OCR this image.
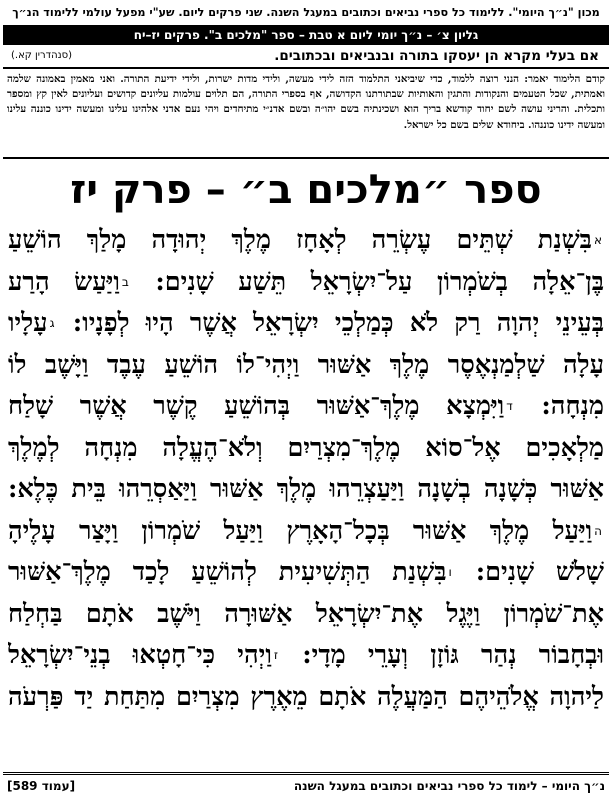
מכון "נ״ך היומי". ללימוד כל ספרי נביאים וכתובים במעגל השנה. שני פרקים ליום. שע"י מפעל עולמי ללימוד הנ״ך
גליון צ׳ – נ״ך יומי ליום א טבת – ספר "מלכים ב". פרקים יז–יח
אם בעלי מקרא הן יעסקו בתורה ובנביאים ובכתובים.
(סנהדרין קא.)
קודם הלימוד יאמר: הנני רוצה ללמוד, כדי שיביאני התלמוד הזה לידי מעשה, ולידי מדות ישרות, ולידי ידיעת התורה. ואני מאמין באמונה שלמה ואמתית, שכל הטעמים והנקודות והתגין והאותיות שבתורתנו הקדושה, אף בספרי התורה, הם תלוים עולמות עליונים קדושים ועליונים לאין קץ ומספר ותכלית. והריני עושה לשם יחוד קודשא בריך הוא ושכינתיה בשם יהו״ה ובשם אדנ״י מתיחדים ויהי נעם אדני אלהינו עלינו ומעשה ידינו כוננה עלינו ומעשה ידינו כוננהו. ביחודא שלים בשם כל ישראל.
ספר ״מלכים ב״ – פרק יז
אבִּשְׁנַת שְׁתֵּים עֶשְׂרֵה לְאָחָז מֶלֶךְ יְהוּדָה מָלַךְ הוֹשֵׁעַ
בֶּן־אֵלָה בְשֹׁמְרוֹן עַל־יִשְׂרָאֵל תֵּשַׁע שָׁנִים: בוַיַּעַשׂ הָרַע
בְּעֵינֵי יְהוָה רַק לֹא כְּמַלְכֵי יִשְׂרָאֵל אֲשֶׁר הָיוּ לְפָנָיו: געָלָיו
עָלָה שַׁלְמַנְאֶסֶר מֶלֶךְ אַשּׁוּר וַיְהִי־לוֹ הוֹשֵׁעַ עֶבֶד וַיָּשֶׁב לוֹ
מִנְחָה: דוַיִּמְצָא מֶלֶךְ־אַשּׁוּר בְּהוֹשֵׁעַ קֶשֶׁר אֲשֶׁר שָׁלַח
מַלְאָכִים אֶל־סוֹא מֶלֶךְ־מִצְרַיִם וְלֹא־הֶעֱלָה מִנְחָה לְמֶלֶךְ
אַשּׁוּר כְּשָׁנָה בְשָׁנָה וַיַּעַצְרֵהוּ מֶלֶךְ אַשּׁוּר וַיַּאַסְרֵהוּ בֵּית כֶּלֶא:
הוַיַּעַל מֶלֶךְ אַשּׁוּר בְּכָל־הָאָרֶץ וַיַּעַל שֹׁמְרוֹן וַיָּצַר עָלֶיהָ
שָׁלֹשׁ שָׁנִים: ובִּשְׁנַת הַתְּשִׁיעִית לְהוֹשֵׁעַ לָכַד מֶלֶךְ־אַשּׁוּר
אֶת־שֹׁמְרוֹן וַיֶּגֶל אֶת־יִשְׂרָאֵל אַשּׁוּרָה וַיֹּשֶׁב אֹתָם בַּחְלַח
וּבְחָבוֹר נְהַר גּוֹזָן וְעָרֵי מָדָי: זוַיְהִי כִּי־חָטְאוּ בְנֵי־יִשְׂרָאֵל
לַיהוָה אֱלֹהֵיהֶם הַמַּעֲלֶה אֹתָם מֵאֶרֶץ מִצְרַיִם מִתַּחַת יַד פַּרְעֹה
נ״ך היומי – לימוד כל ספרי נביאים וכתובים במעגל השנה
[עמוד 589]
